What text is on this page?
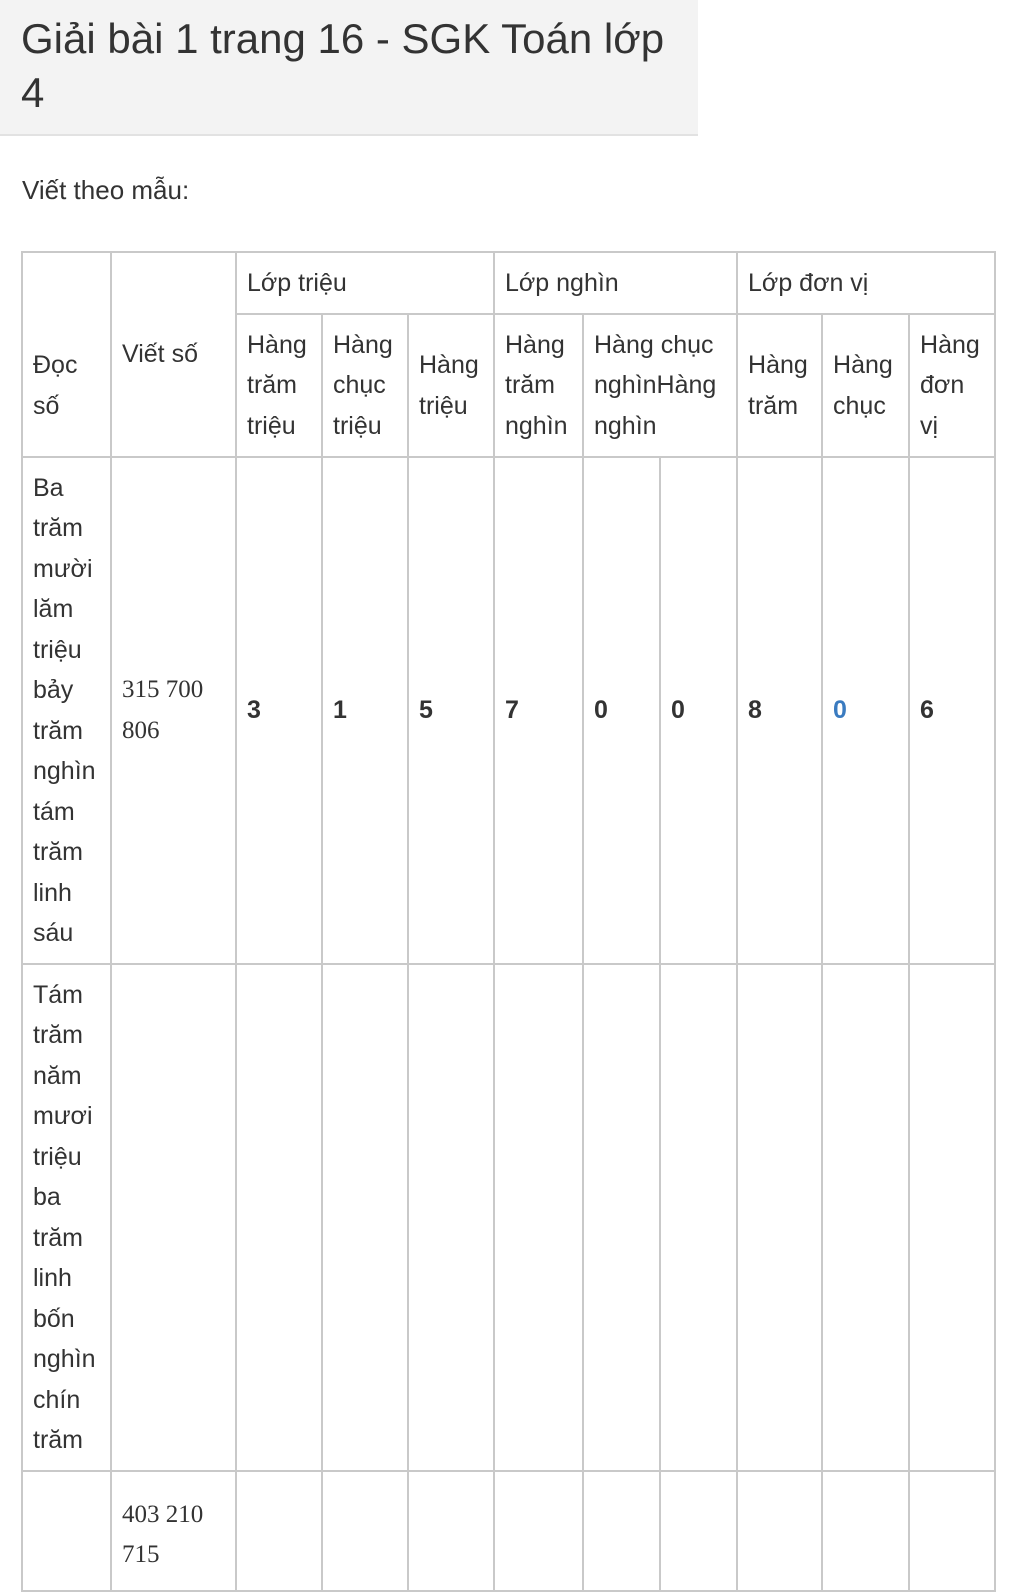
Giải bài 1 trang 16 - SGK Toán lớp 4
Viết theo mẫu:
Đọc số	Viết số	Lớp triệu			Lớp nghìn			Lớp đơn vị		
		Hàng trăm triệu	Hàng chục triệu	Hàng triệu	Hàng trăm nghìn	Hàng chục nghìnHàng nghìn		Hàng trăm	Hàng chục	Hàng đơn vị
Ba trăm mười lăm triệu bảy trăm nghìn tám trăm linh sáu	315 700 806	3	1	5	7	0	0	8	0	6
Tám trăm năm mươi triệu ba trăm linh bốn nghìn chín trăm										
	403 210 715									
